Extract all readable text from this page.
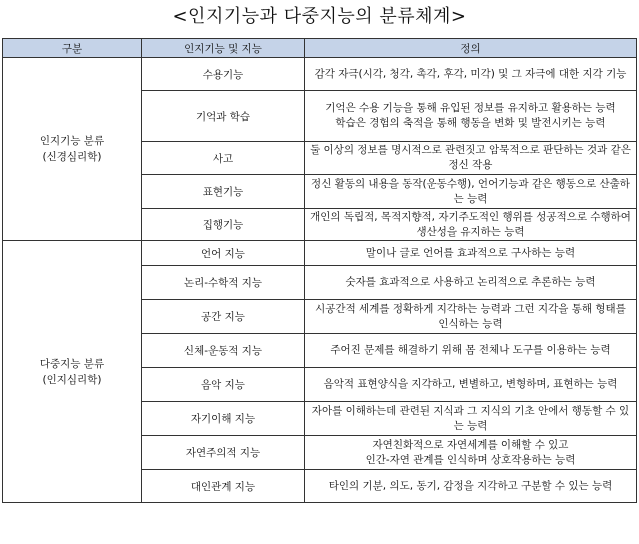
<인지기능과 다중지능의 분류체계>
구분	인지기능 및 지능	정의

인지기능 분류
(신경심리학)	수용기능	감각 자극(시각, 청각, 촉각, 후각, 미각) 및 그 자극에 대한 지각 기능

	기억과 학습	기억은 수용 기능을 통해 유입된 정보를 유지하고 활용하는 능력
학습은 경험의 축적을 통해 행동을 변화 및 발전시키는 능력

	사고	둘 이상의 정보를 명시적으로 관련짓고 암묵적으로 판단하는 것과 같은 정신 작용

	표현기능	정신 활동의 내용을 동작(운동수행), 언어기능과 같은 행동으로 산출하는 능력

	집행기능	개인의 독립적, 목적지향적, 자기주도적인 행위를 성공적으로 수행하여 생산성을 유지하는 능력

다중지능 분류
(인지심리학)	언어 지능	말이나 글로 언어를 효과적으로 구사하는 능력

	논리-수학적 지능	숫자를 효과적으로 사용하고 논리적으로 추론하는 능력

	공간 지능	시공간적 세계를 정확하게 지각하는 능력과 그런 지각을 통해 형태를 인식하는 능력

	신체-운동적 지능	주어진 문제를 해결하기 위해 몸 전체나 도구를 이용하는 능력

	음악 지능	음악적 표현양식을 지각하고, 변별하고, 변형하며, 표현하는 능력

	자기이해 지능	자아를 이해하는데 관련된 지식과 그 지식의 기초 안에서 행동할 수 있는 능력

	자연주의적 지능	자연친화적으로 자연세계를 이해할 수 있고
인간-자연 관계를 인식하며 상호작용하는 능력

	대인관계 지능	타인의 기분, 의도, 동기, 감정을 지각하고 구분할 수 있는 능력
